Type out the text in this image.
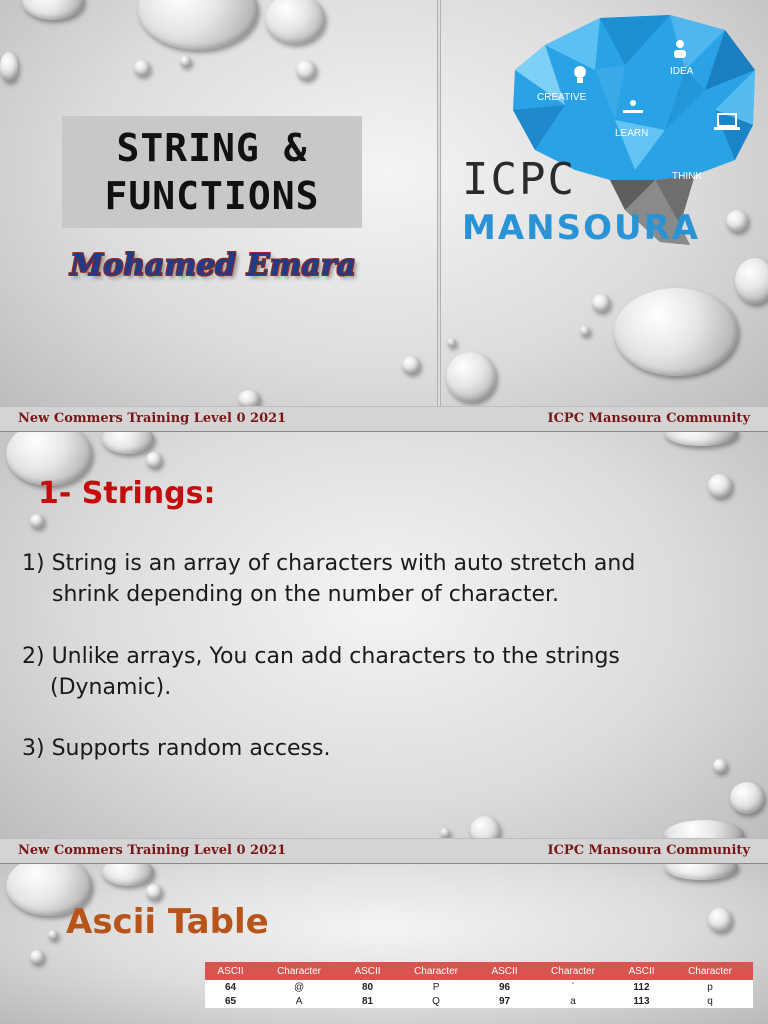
STRING &
FUNCTIONS
Mohamed Emara
IDEA
CREATIVE
LEARN
THINK
ICPC
MANSOURA
New Commers Training Level 0 2021	ICPC Mansoura Community
1- Strings:
1) String is an array of characters with auto stretch and
shrink depending on the number of character.
2) Unlike arrays, You can add characters to the strings
(Dynamic).
3) Supports random access.
New Commers Training Level 0 2021	ICPC Mansoura Community
Ascii Table
ASCII	Character	ASCII	Character	ASCII	Character	ASCII	Character
64	@	80	P	96	`	112	p
65	A	81	Q	97	a	113	q
